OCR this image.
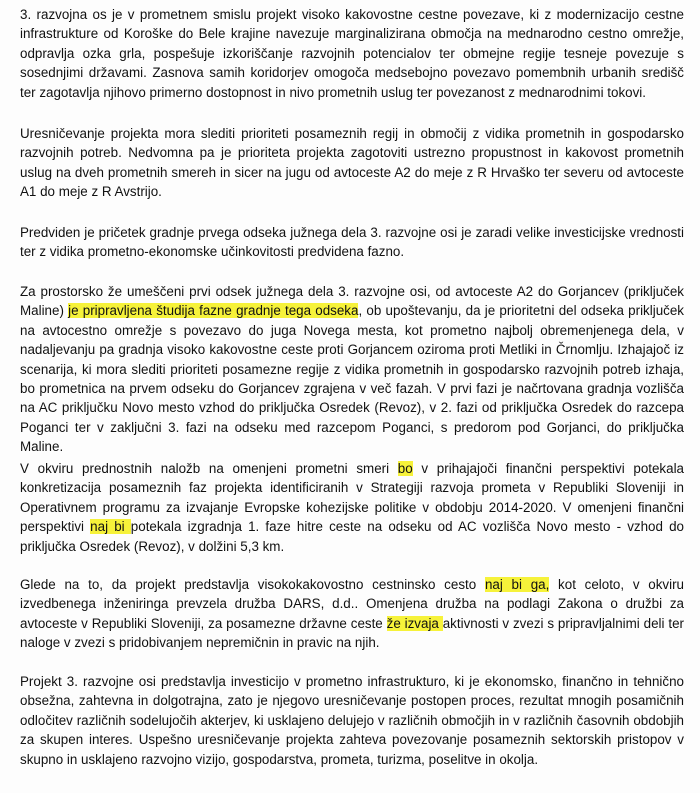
3. razvojna os je v prometnem smislu projekt visoko kakovostne cestne povezave, ki z modernizacijo cestne infrastrukture od Koroške do Bele krajine navezuje marginalizirana območja na mednarodno cestno omrežje, odpravlja ozka grla, pospešuje izkoriščanje razvojnih potencialov ter obmejne regije tesneje povezuje s sosednjimi državami. Zasnova samih koridorjev omogoča medsebojno povezavo pomembnih urbanih središč ter zagotavlja njihovo primerno dostopnost in nivo prometnih uslug ter povezanost z mednarodnimi tokovi.

Uresničevanje projekta mora slediti prioriteti posameznih regij in območij z vidika prometnih in gospodarsko razvojnih potreb. Nedvomna pa je prioriteta projekta zagotoviti ustrezno propustnost in kakovost prometnih uslug na dveh prometnih smereh in sicer na jugu od avtoceste A2 do meje z R Hrvaško ter severu od avtoceste A1 do meje z R Avstrijo.

Predviden je pričetek gradnje prvega odseka južnega dela 3. razvojne osi je zaradi velike investicijske vrednosti ter z vidika prometno-ekonomske učinkovitosti predvidena fazno.

Za prostorsko že umeščeni prvi odsek južnega dela 3. razvojne osi, od avtoceste A2 do Gorjancev (priključek Maline) je pripravljena študija fazne gradnje tega odseka, ob upoštevanju, da je prioritetni del odseka priključek na avtocestno omrežje s povezavo do juga Novega mesta, kot prometno najbolj obremenjenega dela, v nadaljevanju pa gradnja visoko kakovostne ceste proti Gorjancem oziroma proti Metliki in Črnomlju. Izhajajoč iz scenarija, ki mora slediti prioriteti posamezne regije z vidika prometnih in gospodarsko razvojnih potreb izhaja, bo prometnica na prvem odseku do Gorjancev zgrajena v več fazah. V prvi fazi je načrtovana gradnja vozlišča na AC priključku Novo mesto vzhod do priključka Osredek (Revoz), v 2. fazi od priključka Osredek do razcepa Poganci ter v zaključni 3. fazi na odseku med razcepom Poganci, s predorom pod Gorjanci, do priključka Maline.

V okviru prednostnih naložb na omenjeni prometni smeri bo v prihajajoči finančni perspektivi potekala konkretizacija posameznih faz projekta identificiranih v Strategiji razvoja prometa v Republiki Sloveniji in Operativnem programu za izvajanje Evropske kohezijske politike v obdobju 2014-2020. V omenjeni finančni perspektivi naj bi potekala izgradnja 1. faze hitre ceste na odseku od AC vozlišča Novo mesto - vzhod do priključka Osredek (Revoz), v dolžini 5,3 km.

Glede na to, da projekt predstavlja visokokakovostno cestninsko cesto naj bi ga, kot celoto, v okviru izvedbenega inženiringa prevzela družba DARS, d.d.. Omenjena družba na podlagi Zakona o družbi za avtoceste v Republiki Sloveniji, za posamezne državne ceste že izvaja aktivnosti v zvezi s pripravljalnimi deli ter naloge v zvezi s pridobivanjem nepremičnin in pravic na njih.

Projekt 3. razvojne osi predstavlja investicijo v prometno infrastrukturo, ki je ekonomsko, finančno in tehnično obsežna, zahtevna in dolgotrajna, zato je njegovo uresničevanje postopen proces, rezultat mnogih posamičnih odločitev različnih sodelujočih akterjev, ki usklajeno delujejo v različnih območjih in v različnih časovnih obdobjih za skupen interes. Uspešno uresničevanje projekta zahteva povezovanje posameznih sektorskih pristopov v skupno in usklajeno razvojno vizijo, gospodarstva, prometa, turizma, poselitve in okolja.
